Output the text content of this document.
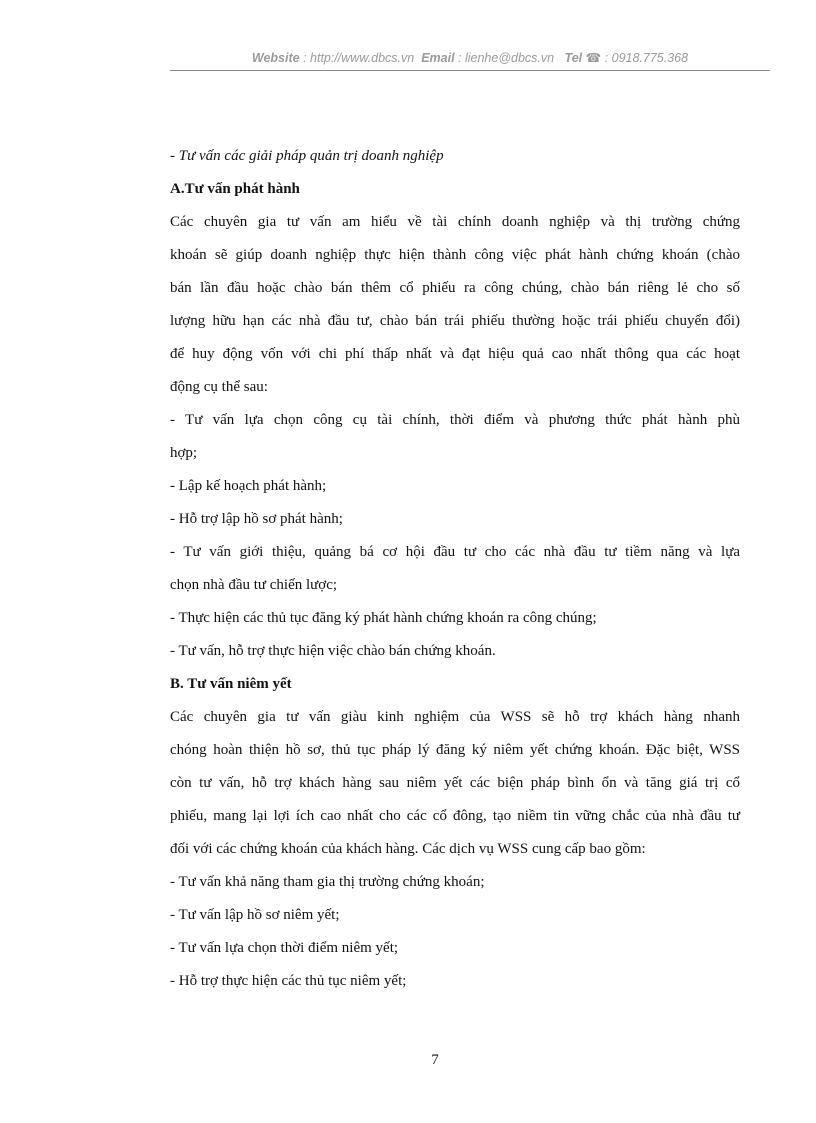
Website : http://www.dbcs.vn Email : lienhe@dbcs.vn Tel ☎ : 0918.775.368
- Tư vấn các giải pháp quản trị doanh nghiệp
A.Tư vấn phát hành
Các chuyên gia tư vấn am hiểu về tài chính doanh nghiệp và thị trường chứng
khoán sẽ giúp doanh nghiệp thực hiện thành công việc phát hành chứng khoán (chào
bán lần đầu hoặc chào bán thêm cổ phiếu ra công chúng, chào bán riêng lẻ cho số
lượng hữu hạn các nhà đầu tư, chào bán trái phiếu thường hoặc trái phiếu chuyển đổi)
để huy động vốn với chi phí thấp nhất và đạt hiệu quả cao nhất thông qua các hoạt
động cụ thể sau:
- Tư vấn lựa chọn công cụ tài chính, thời điểm và phương thức phát hành phù
hợp;
- Lập kế hoạch phát hành;
- Hỗ trợ lập hồ sơ phát hành;
- Tư vấn giới thiệu, quảng bá cơ hội đầu tư cho các nhà đầu tư tiềm năng và lựa
chọn nhà đầu tư chiến lược;
- Thực hiện các thủ tục đăng ký phát hành chứng khoán ra công chúng;
- Tư vấn, hỗ trợ thực hiện việc chào bán chứng khoán.
B. Tư vấn niêm yết
Các chuyên gia tư vấn giàu kinh nghiệm của WSS sẽ hỗ trợ khách hàng nhanh
chóng hoàn thiện hồ sơ, thủ tục pháp lý đăng ký niêm yết chứng khoán. Đặc biệt, WSS
còn tư vấn, hỗ trợ khách hàng sau niêm yết các biện pháp bình ổn và tăng giá trị cổ
phiếu, mang lại lợi ích cao nhất cho các cổ đông, tạo niềm tin vững chắc của nhà đầu tư
đối với các chứng khoán của khách hàng. Các dịch vụ WSS cung cấp bao gồm:
- Tư vấn khả năng tham gia thị trường chứng khoán;
- Tư vấn lập hồ sơ niêm yết;
- Tư vấn lựa chọn thời điểm niêm yết;
- Hỗ trợ thực hiện các thủ tục niêm yết;
7
